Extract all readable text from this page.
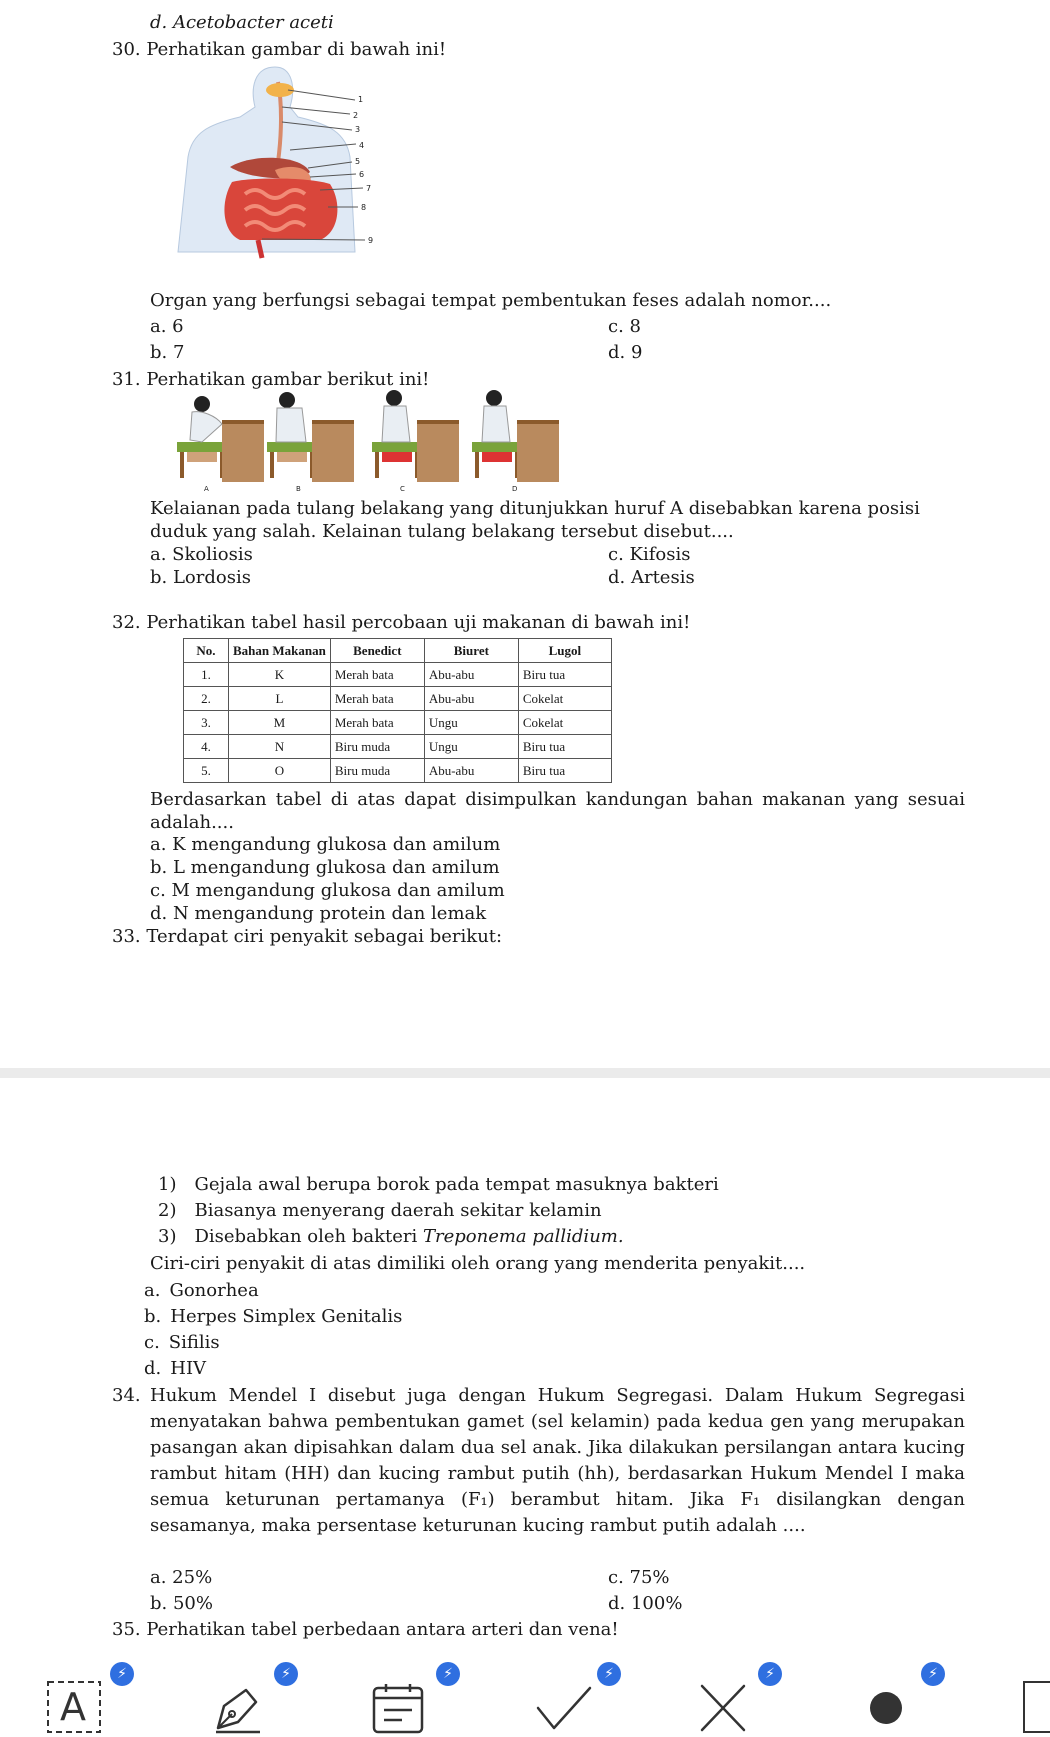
d. Acetobacter aceti
30. Perhatikan gambar di bawah ini!
1
2
3
4
5
6
7
8
9
Organ yang berfungsi sebagai tempat pembentukan feses adalah nomor....
a. 6	c. 8
b. 7	d. 9
31. Perhatikan gambar berikut ini!
A	B	C	D
Kelaianan pada tulang belakang yang ditunjukkan huruf A disebabkan karena posisi
duduk yang salah. Kelainan tulang belakang tersebut disebut....
a. Skoliosis	c. Kifosis
b. Lordosis	d. Artesis
32. Perhatikan tabel hasil percobaan uji makanan di bawah ini!
No.	Bahan Makanan	Benedict	Biuret	Lugol
1.	K	Merah bata	Abu-abu	Biru tua
2.	L	Merah bata	Abu-abu	Cokelat
3.	M	Merah bata	Ungu	Cokelat
4.	N	Biru muda	Ungu	Biru tua
5.	O	Biru muda	Abu-abu	Biru tua
Berdasarkan tabel di atas dapat disimpulkan kandungan bahan makanan yang sesuai adalah....
a. K mengandung glukosa dan amilum
b. L mengandung glukosa dan amilum
c. M mengandung glukosa dan amilum
d. N mengandung protein dan lemak
33. Terdapat ciri penyakit sebagai berikut:
1) Gejala awal berupa borok pada tempat masuknya bakteri
2) Biasanya menyerang daerah sekitar kelamin
3) Disebabkan oleh bakteri Treponema pallidium.
Ciri-ciri penyakit di atas dimiliki oleh orang yang menderita penyakit....
a. Gonorhea
b. Herpes Simplex Genitalis
c. Sifilis
d. HIV
34. Hukum Mendel I disebut juga dengan Hukum Segregasi. Dalam Hukum Segregasi menyatakan bahwa pembentukan gamet (sel kelamin) pada kedua gen yang merupakan pasangan akan dipisahkan dalam dua sel anak. Jika dilakukan persilangan antara kucing rambut hitam (HH) dan kucing rambut putih (hh), berdasarkan Hukum Mendel I maka semua keturunan pertamanya (F₁) berambut hitam. Jika F₁ disilangkan dengan sesamanya, maka persentase keturunan kucing rambut putih adalah ....
a. 25%	c. 75%
b. 50%	d. 100%
35. Perhatikan tabel perbedaan antara arteri dan vena!
A
⚡	⚡	⚡	⚡	⚡	⚡
